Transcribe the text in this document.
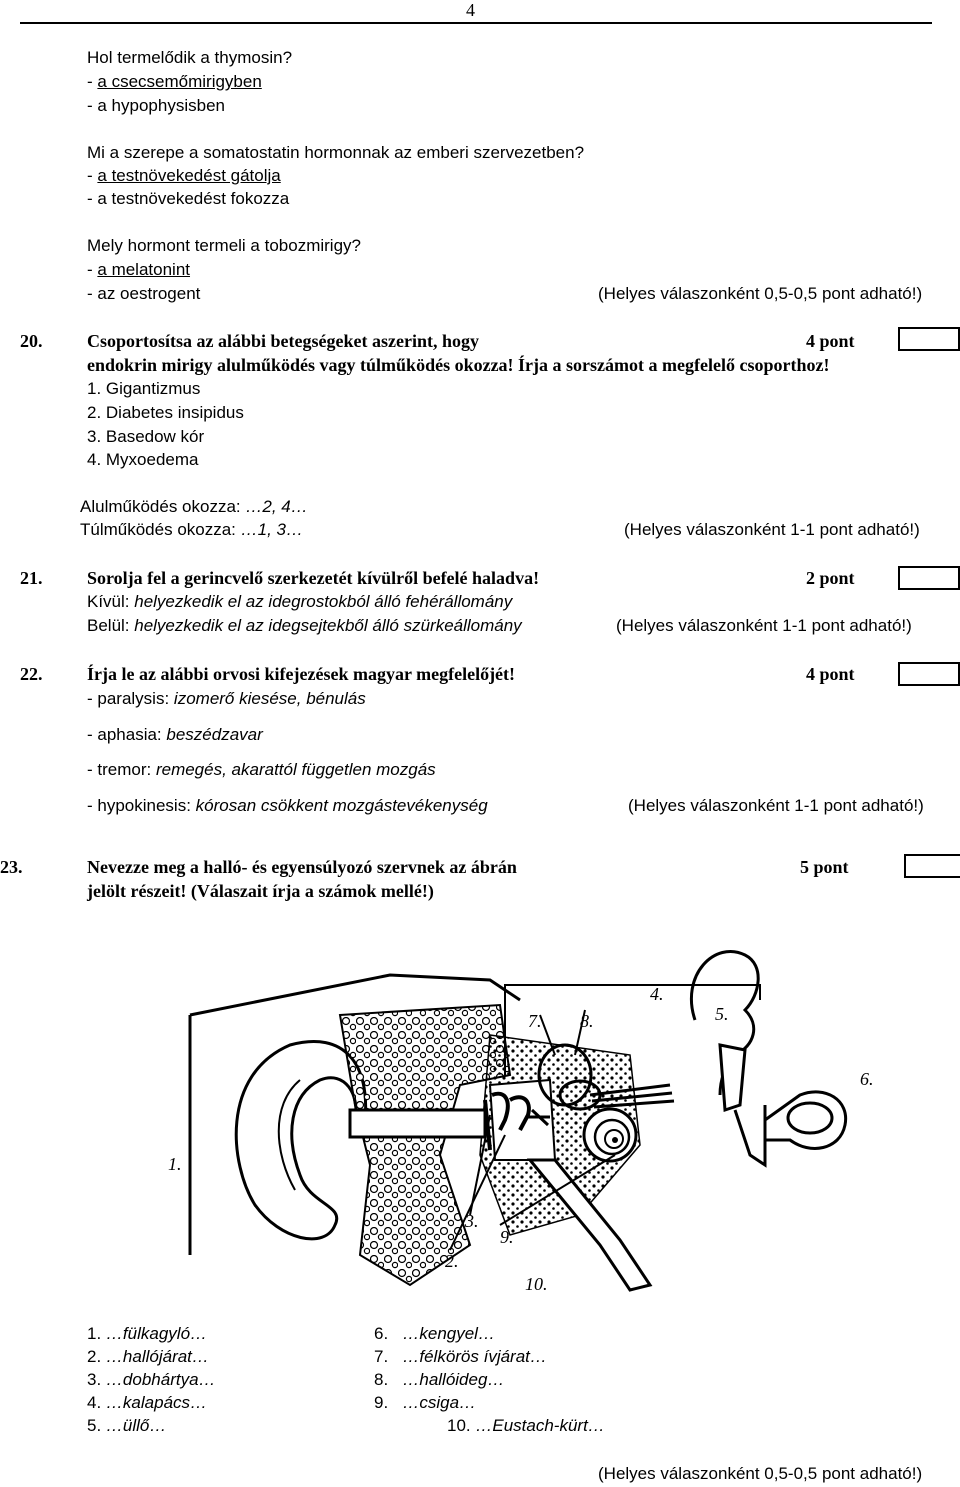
4
Hol termelődik a thymosin?
- a csecsemőmirigyben
- a hypophysisben
Mi a szerepe a somatostatin hormonnak az emberi szervezetben?
- a testnövekedést gátolja
- a testnövekedést fokozza
Mely hormont termeli a tobozmirigy?
- a melatonint
- az oestrogent	(Helyes válaszonként 0,5-0,5 pont adható!)
20. Csoportosítsa az alábbi betegségeket aszerint, hogy	4 pont
endokrin mirigy alulműködés vagy túlműködés okozza! Írja a sorszámot a megfelelő csoporthoz!
1. Gigantizmus
2. Diabetes insipidus
3. Basedow kór
4. Myxoedema
Alulműködés okozza: …2, 4…
Túlműködés okozza: …1, 3…	(Helyes válaszonként 1-1 pont adható!)
21. Sorolja fel a gerincvelő szerkezetét kívülről befelé haladva!	2 pont
Kívül: helyezkedik el az idegrostokból álló fehérállomány
Belül: helyezkedik el az idegsejtekből álló szürkeállomány	(Helyes válaszonként 1-1 pont adható!)
22. Írja le az alábbi orvosi kifejezések magyar megfelelőjét!	4 pont
- paralysis: izomerő kiesése, bénulás
- aphasia: beszédzavar
- tremor: remegés, akarattól független mozgás
- hypokinesis: kórosan csökkent mozgástevékenység	(Helyes válaszonként 1-1 pont adható!)
23.	Nevezze meg a halló- és egyensúlyozó szervnek az ábrán	5 pont
jelölt részeit! (Válaszait írja a számok mellé!)
1.
2.
3.
4.
5.
6.
7. 8.
9.
10.
1. …fülkagyló…
2. …hallójárat…
3. …dobhártya…
4. …kalapács…
5. …üllő…
6. …kengyel…
7. …félkörös ívjárat…
8. …hallóideg…
9. …csiga…
10. …Eustach-kürt…
(Helyes válaszonként 0,5-0,5 pont adható!)
